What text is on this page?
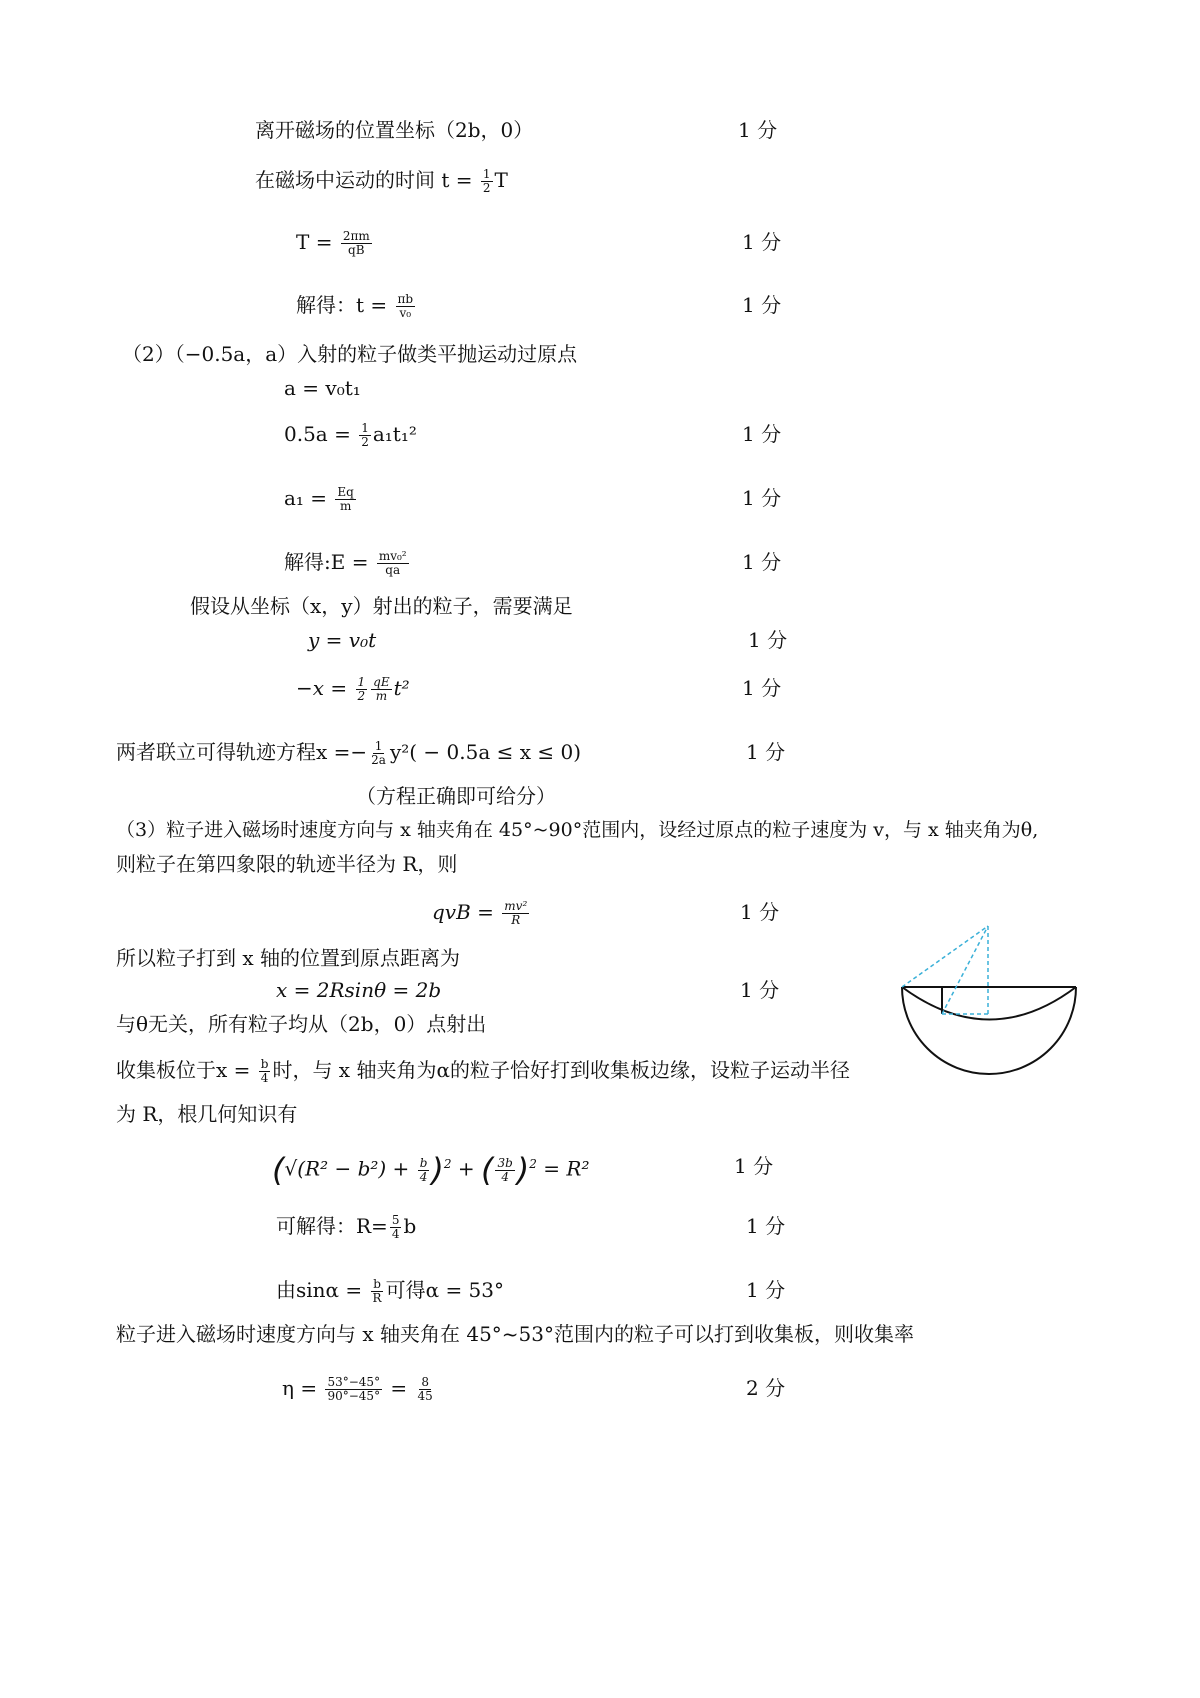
离开磁场的位置坐标（2b，0）	1 分
在磁场中运动的时间 $t = \frac{1}{2}$ T
$T = \frac{2\pi m}{qB}$	1 分
解得：$t = \frac{\pi b}{\text{v₀}}$	1 分
（2）（−0.5a，a）入射的粒子做类平抛运动过原点
a = v₀t₁
$0.5a = \frac{1}{2} a_1t_1^2$	1 分
$a_1 = \frac{Eq}{m}$	1 分
解得:E = $\frac{\text{mv₀²}}{qa}$	1 分
假设从坐标（x，y）射出的粒子，需要满足
y = v₀t	1 分
$-x = \frac{1}{2} \frac{qE}{m} t^2$	1 分
两者联立可得轨迹方程$x =- \frac{1}{2a} y^2( - 0.5a \le x \le 0)$	1 分
（方程正确即可给分）
（3）粒子进入磁场时速度方向与 x 轴夹角在 45°~90°范围内，设经过原点的粒子速度为 v，与 x 轴夹角为θ,
则粒子在第四象限的轨迹半径为 R，则
qvB = $\frac{\text{mv²}}{R}$	1 分
所以粒子打到 x 轴的位置到原点距离为
x = 2Rsinθ = 2b	1 分
与θ无关，所有粒子均从（2b，0）点射出
收集板位于$x = \frac{b}{4}$ 时，与 x 轴夹角为α的粒子恰好打到收集板边缘，设粒子运动半径
为 R，根几何知识有
$(√(R^2 - b^2) + \frac{b}{4} )^2$ + ( $\frac{3b}{4} )^2 = R^2$	1 分
可解得：$R= \frac{5}{4}$ b	1 分
由$\sin\alpha = \frac{b}{R}$ 可得α = 53°	1 分
粒子进入磁场时速度方向与 x 轴夹角在 45°~53°范围内的粒子可以打到收集板，则收集率
$\eta = \frac{53^\circ-45^\circ}{90^\circ-45^\circ} = \frac{8}{45}$	2 分
